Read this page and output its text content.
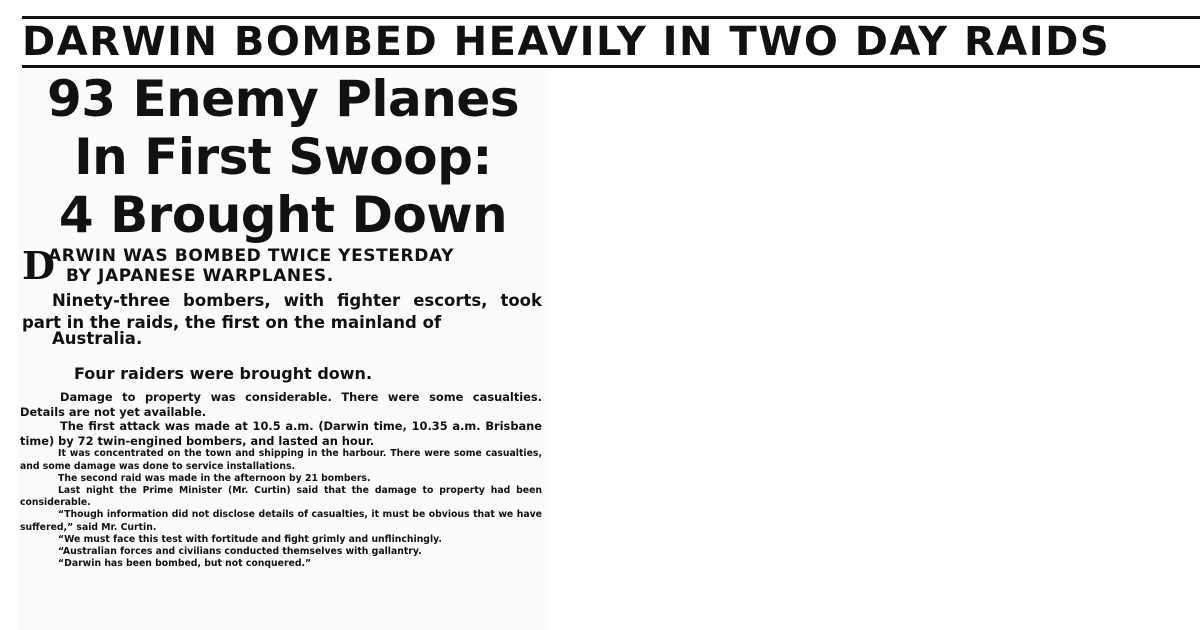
DARWIN BOMBED HEAVILY IN TWO DAY RAIDS
93 Enemy Planes
In First Swoop:
4 Brought Down
D
ARWIN WAS BOMBED TWICE YESTERDAY
BY JAPANESE WARPLANES.

Ninety-three bombers, with fighter escorts, took part in the raids, the first on the mainland of
Australia.

Four raiders were brought down.

Damage to property was considerable. There were some casualties. Details are not yet available.

The first attack was made at 10.5 a.m. (Darwin time, 10.35 a.m. Brisbane time) by 72 twin-engined bombers, and lasted an hour.

It was concentrated on the town and shipping in the harbour. There were some casualties, and some damage was done to service installations.

The second raid was made in the afternoon by 21 bombers.

Last night the Prime Minister (Mr. Curtin) said that the damage to property had been considerable.

“Though information did not disclose details of casualties, it must be obvious that we have suffered,” said Mr. Curtin.

“We must face this test with fortitude and fight grimly and unflinchingly.

“Australian forces and civilians conducted themselves with gallantry.

“Darwin has been bombed, but not conquered.”
